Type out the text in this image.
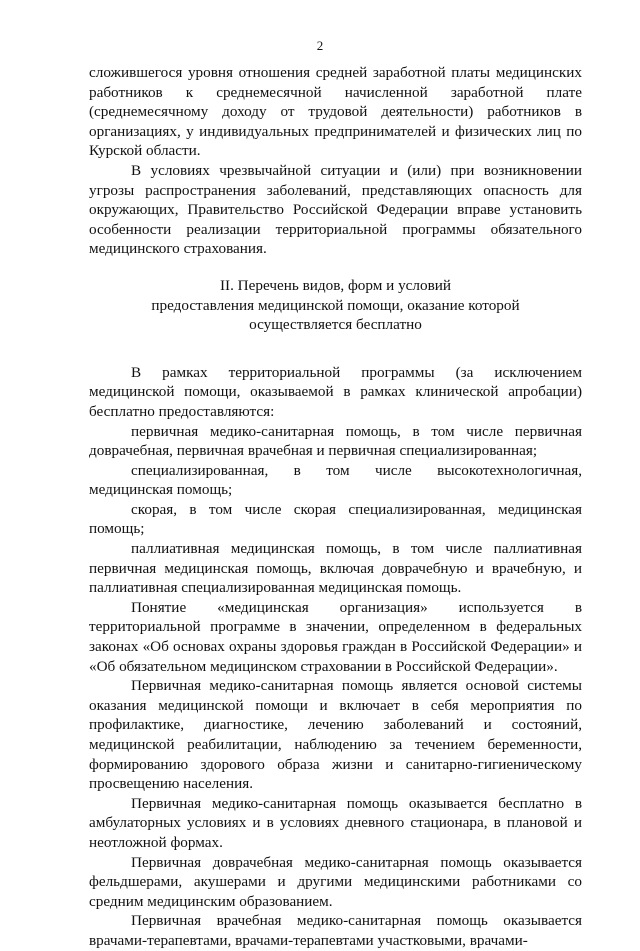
2

сложившегося уровня отношения средней заработной платы медицинских работников к среднемесячной начисленной заработной плате (среднемесячному доходу от трудовой деятельности) работников в организациях, у индивидуальных предпринимателей и физических лиц по Курской области.

В условиях чрезвычайной ситуации и (или) при возникновении угрозы распространения заболеваний, представляющих опасность для окружающих, Правительство Российской Федерации вправе установить особенности реализации территориальной программы обязательного медицинского страхования.

II. Перечень видов, форм и условий
предоставления медицинской помощи, оказание которой
осуществляется бесплатно

В рамках территориальной программы (за исключением медицинской помощи, оказываемой в рамках клинической апробации) бесплатно предоставляются:

первичная медико-санитарная помощь, в том числе первичная доврачебная, первичная врачебная и первичная специализированная;

специализированная, в том числе высокотехнологичная, медицинская помощь;

скорая, в том числе скорая специализированная, медицинская помощь;

паллиативная медицинская помощь, в том числе паллиативная первичная медицинская помощь, включая доврачебную и врачебную, и паллиативная специализированная медицинская помощь.

Понятие «медицинская организация» используется в территориальной программе в значении, определенном в федеральных законах «Об основах охраны здоровья граждан в Российской Федерации» и «Об обязательном медицинском страховании в Российской Федерации».

Первичная медико-санитарная помощь является основой системы оказания медицинской помощи и включает в себя мероприятия по профилактике, диагностике, лечению заболеваний и состояний, медицинской реабилитации, наблюдению за течением беременности, формированию здорового образа жизни и санитарно-гигиеническому просвещению населения.

Первичная медико-санитарная помощь оказывается бесплатно в амбулаторных условиях и в условиях дневного стационара, в плановой и неотложной формах.

Первичная доврачебная медико-санитарная помощь оказывается фельдшерами, акушерами и другими медицинскими работниками со средним медицинским образованием.

Первичная врачебная медико-санитарная помощь оказывается врачами-терапевтами, врачами-терапевтами участковыми, врачами-
